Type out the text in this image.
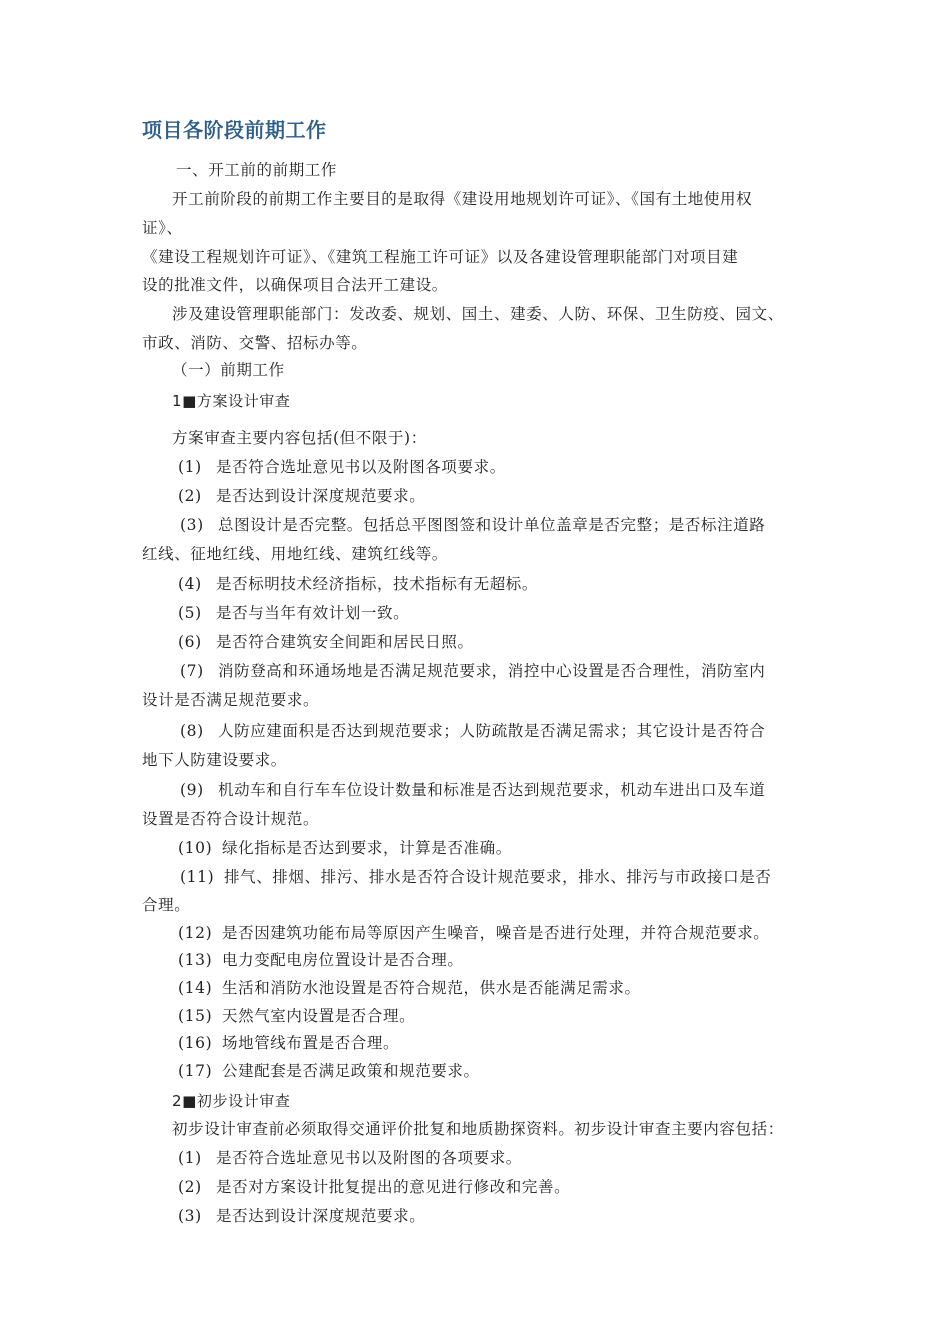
项目各阶段前期工作
一、开工前的前期工作
开工前阶段的前期工作主要目的是取得《建设用地规划许可证》、《国有土地使用权
证》、
《建设工程规划许可证》、《建筑工程施工许可证》以及各建设管理职能部门对项目建
设的批准文件，以确保项目合法开工建设。
涉及建设管理职能部门：发改委、规划、国土、建委、人防、环保、卫生防疫、园文、
市政、消防、交警、招标办等。
（一）前期工作
1■方案设计审查
方案审查主要内容包括(但不限于)：
(1) 是否符合选址意见书以及附图各项要求。
(2) 是否达到设计深度规范要求。
(3) 总图设计是否完整。包括总平图图签和设计单位盖章是否完整；是否标注道路
红线、征地红线、用地红线、建筑红线等。
(4) 是否标明技术经济指标，技术指标有无超标。
(5) 是否与当年有效计划一致。
(6) 是否符合建筑安全间距和居民日照。
(7) 消防登高和环通场地是否满足规范要求，消控中心设置是否合理性，消防室内
设计是否满足规范要求。
(8) 人防应建面积是否达到规范要求；人防疏散是否满足需求；其它设计是否符合
地下人防建设要求。
(9) 机动车和自行车车位设计数量和标准是否达到规范要求，机动车进出口及车道
设置是否符合设计规范。
(10) 绿化指标是否达到要求，计算是否准确。
(11) 排气、排烟、排污、排水是否符合设计规范要求，排水、排污与市政接口是否
合理。
(12) 是否因建筑功能布局等原因产生噪音，噪音是否进行处理，并符合规范要求。
(13) 电力变配电房位置设计是否合理。
(14) 生活和消防水池设置是否符合规范，供水是否能满足需求。
(15) 天然气室内设置是否合理。
(16) 场地管线布置是否合理。
(17) 公建配套是否满足政策和规范要求。
2■初步设计审查
初步设计审查前必须取得交通评价批复和地质勘探资料。初步设计审查主要内容包括：
(1) 是否符合选址意见书以及附图的各项要求。
(2) 是否对方案设计批复提出的意见进行修改和完善。
(3) 是否达到设计深度规范要求。
